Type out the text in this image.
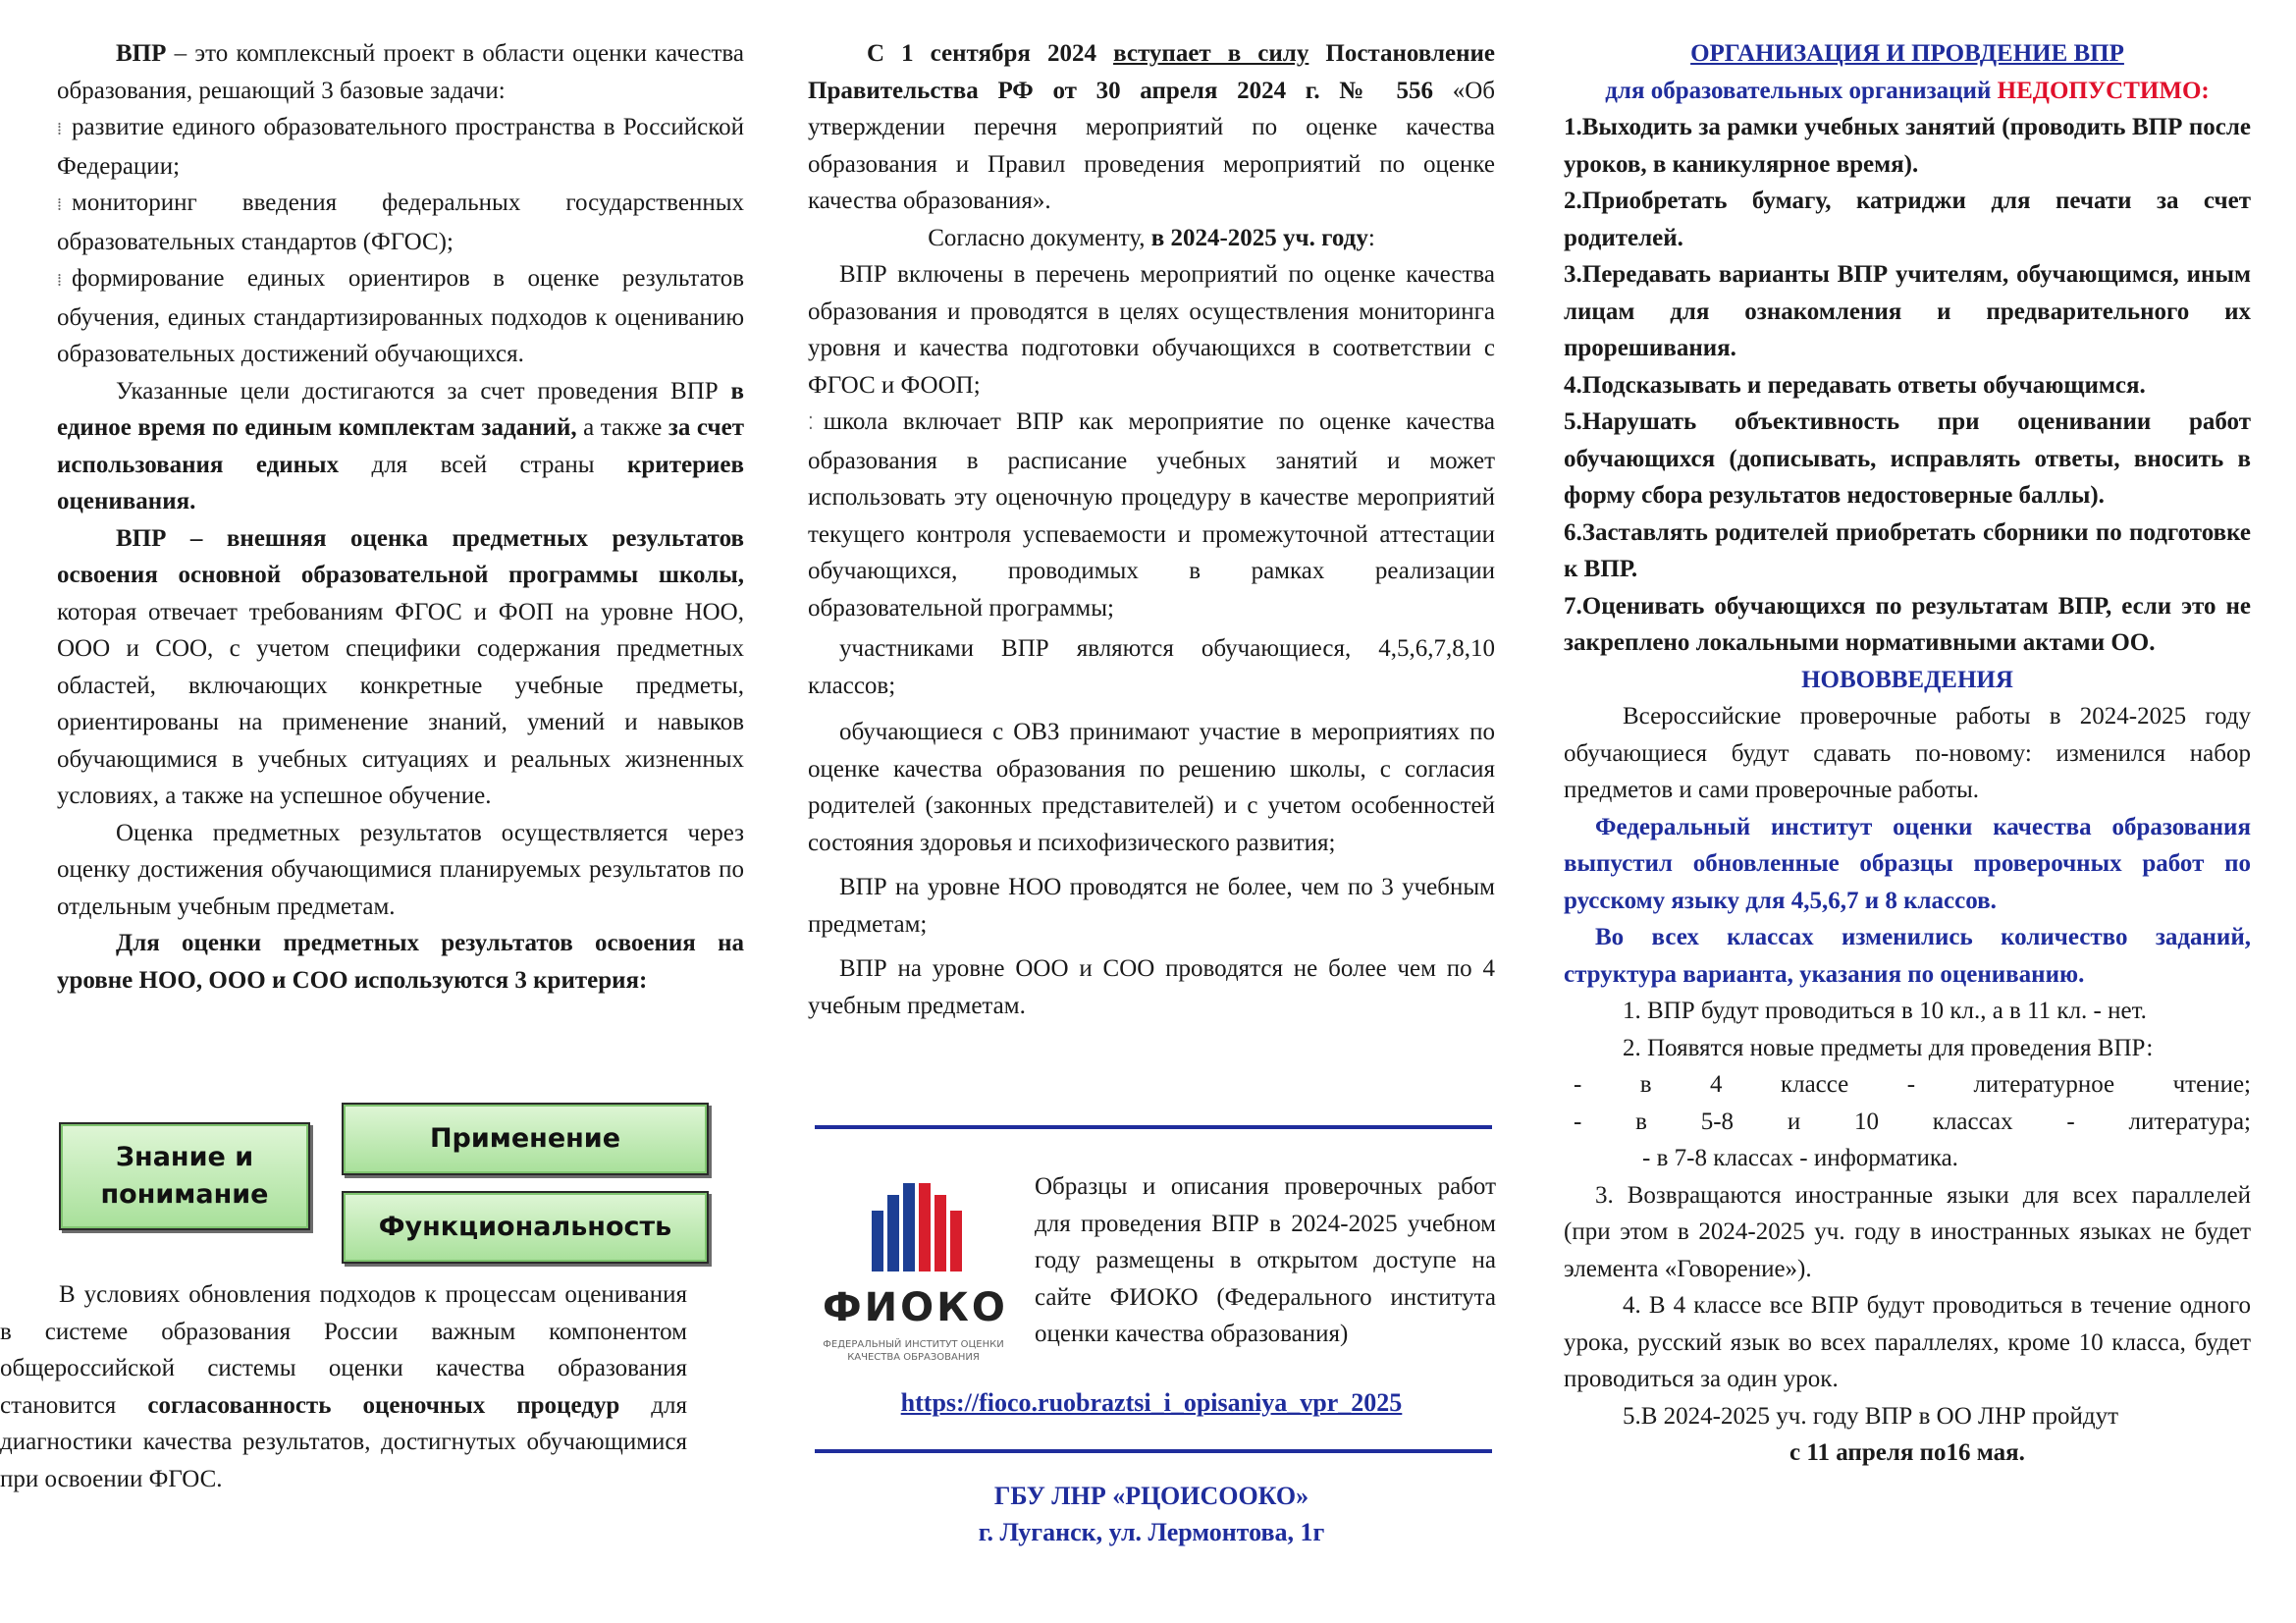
ВПР – это комплексный проект в области оценки качества образования, решающий 3 базовые задачи:

⁞ развитие единого образовательного пространства в Российской Федерации;

⁞ мониторинг введения федеральных государственных образовательных стандартов (ФГОС);

⁞ формирование единых ориентиров в оценке результатов обучения, единых стандартизированных подходов к оцениванию образовательных достижений обучающихся.

Указанные цели достигаются за счет проведения ВПР в единое время по единым комплектам заданий, а также за счет использования единых для всей страны критериев оценивания.

ВПР – внешняя оценка предметных результатов освоения основной образовательной программы школы, которая отвечает требованиям ФГОС и ФОП на уровне НОО, ООО и СОО, с учетом специфики содержания предметных областей, включающих конкретные учебные предметы, ориентированы на применение знаний, умений и навыков обучающимися в учебных ситуациях и реальных жизненных условиях, а также на успешное обучение.

Оценка предметных результатов осуществляется через оценку достижения обучающимися планируемых результатов по отдельным учебным предметам.

Для оценки предметных результатов освоения на уровне НОО, ООО и СОО используются 3 критерия:

Знание и понимание
Применение
Функциональность

В условиях обновления подходов к процессам оценивания в системе образования России важным компонентом общероссийской системы оценки качества образования становится согласованность оценочных процедур для диагностики качества результатов, достигнутых обучающимися при освоении ФГОС.

С 1 сентября 2024 вступает в силу Постановление Правительства РФ от 30 апреля 2024 г. № 556 «Об утверждении перечня мероприятий по оценке качества образования и Правил проведения мероприятий по оценке качества образования».

Согласно документу, в 2024-2025 уч. году:

ВПР включены в перечень мероприятий по оценке качества образования и проводятся в целях осуществления мониторинга уровня и качества подготовки обучающихся в соответствии с ФГОС и ФООП;

⁚ школа включает ВПР как мероприятие по оценке качества образования в расписание учебных занятий и может использовать эту оценочную процедуру в качестве мероприятий текущего контроля успеваемости и промежуточной аттестации обучающихся, проводимых в рамках реализации образовательной программы;

участниками ВПР являются обучающиеся, 4,5,6,7,8,10 классов;

обучающиеся с ОВЗ принимают участие в мероприятиях по оценке качества образования по решению школы, с согласия родителей (законных представителей) и с учетом особенностей состояния здоровья и психофизического развития;

ВПР на уровне НОО проводятся не более, чем по 3 учебным предметам;

ВПР на уровне ООО и СОО проводятся не более чем по 4 учебным предметам.

ФИОКО
ФЕДЕРАЛЬНЫЙ ИНСТИТУТ ОЦЕНКИ КАЧЕСТВА ОБРАЗОВАНИЯ

Образцы и описания проверочных работ для проведения ВПР в 2024-2025 учебном году размещены в открытом доступе на сайте ФИОКО (Федерального института оценки качества образования)

https://fioco.ruobraztsi_i_opisaniya_vpr_2025
ГБУ ЛНР «РЦОИСООКО»
г. Луганск, ул. Лермонтова, 1г

ОРГАНИЗАЦИЯ И ПРОВДЕНИЕ ВПР

для образовательных организаций НЕДОПУСТИМО:

1.Выходить за рамки учебных занятий (проводить ВПР после уроков, в каникулярное время).

2.Приобретать бумагу, катриджи для печати за счет родителей.

3.Передавать варианты ВПР учителям, обучающимся, иным лицам для ознакомления и предварительного их прорешивания.

4.Подсказывать и передавать ответы обучающимся.

5.Нарушать объективность при оценивании работ обучающихся (дописывать, исправлять ответы, вносить в форму сбора результатов недостоверные баллы).

6.Заставлять родителей приобретать сборники по подготовке к ВПР.

7.Оценивать обучающихся по результатам ВПР, если это не закреплено локальными нормативными актами ОО.

НОВОВВЕДЕНИЯ

Всероссийские проверочные работы в 2024-2025 году обучающиеся будут сдавать по-новому: изменился набор предметов и сами проверочные работы.

Федеральный институт оценки качества образования выпустил обновленные образцы проверочных работ по русскому языку для 4,5,6,7 и 8 классов.

Во всех классах изменились количество заданий, структура варианта, указания по оцениванию.

1. ВПР будут проводиться в 10 кл., а в 11 кл. - нет.

2. Появятся новые предметы для проведения ВПР:

- в 4 классе - литературное чтение;

- в 5-8 и 10 классах - литература;

- в 7-8 классах - информатика.

3. Возвращаются иностранные языки для всех параллелей (при этом в 2024-2025 уч. году в иностранных языках не будет элемента «Говорение»).

4. В 4 классе все ВПР будут проводиться в течение одного урока, русский язык во всех параллелях, кроме 10 класса, будет проводиться за один урок.

5.В 2024-2025 уч. году ВПР в ОО ЛНР пройдут

с 11 апреля по16 мая.
